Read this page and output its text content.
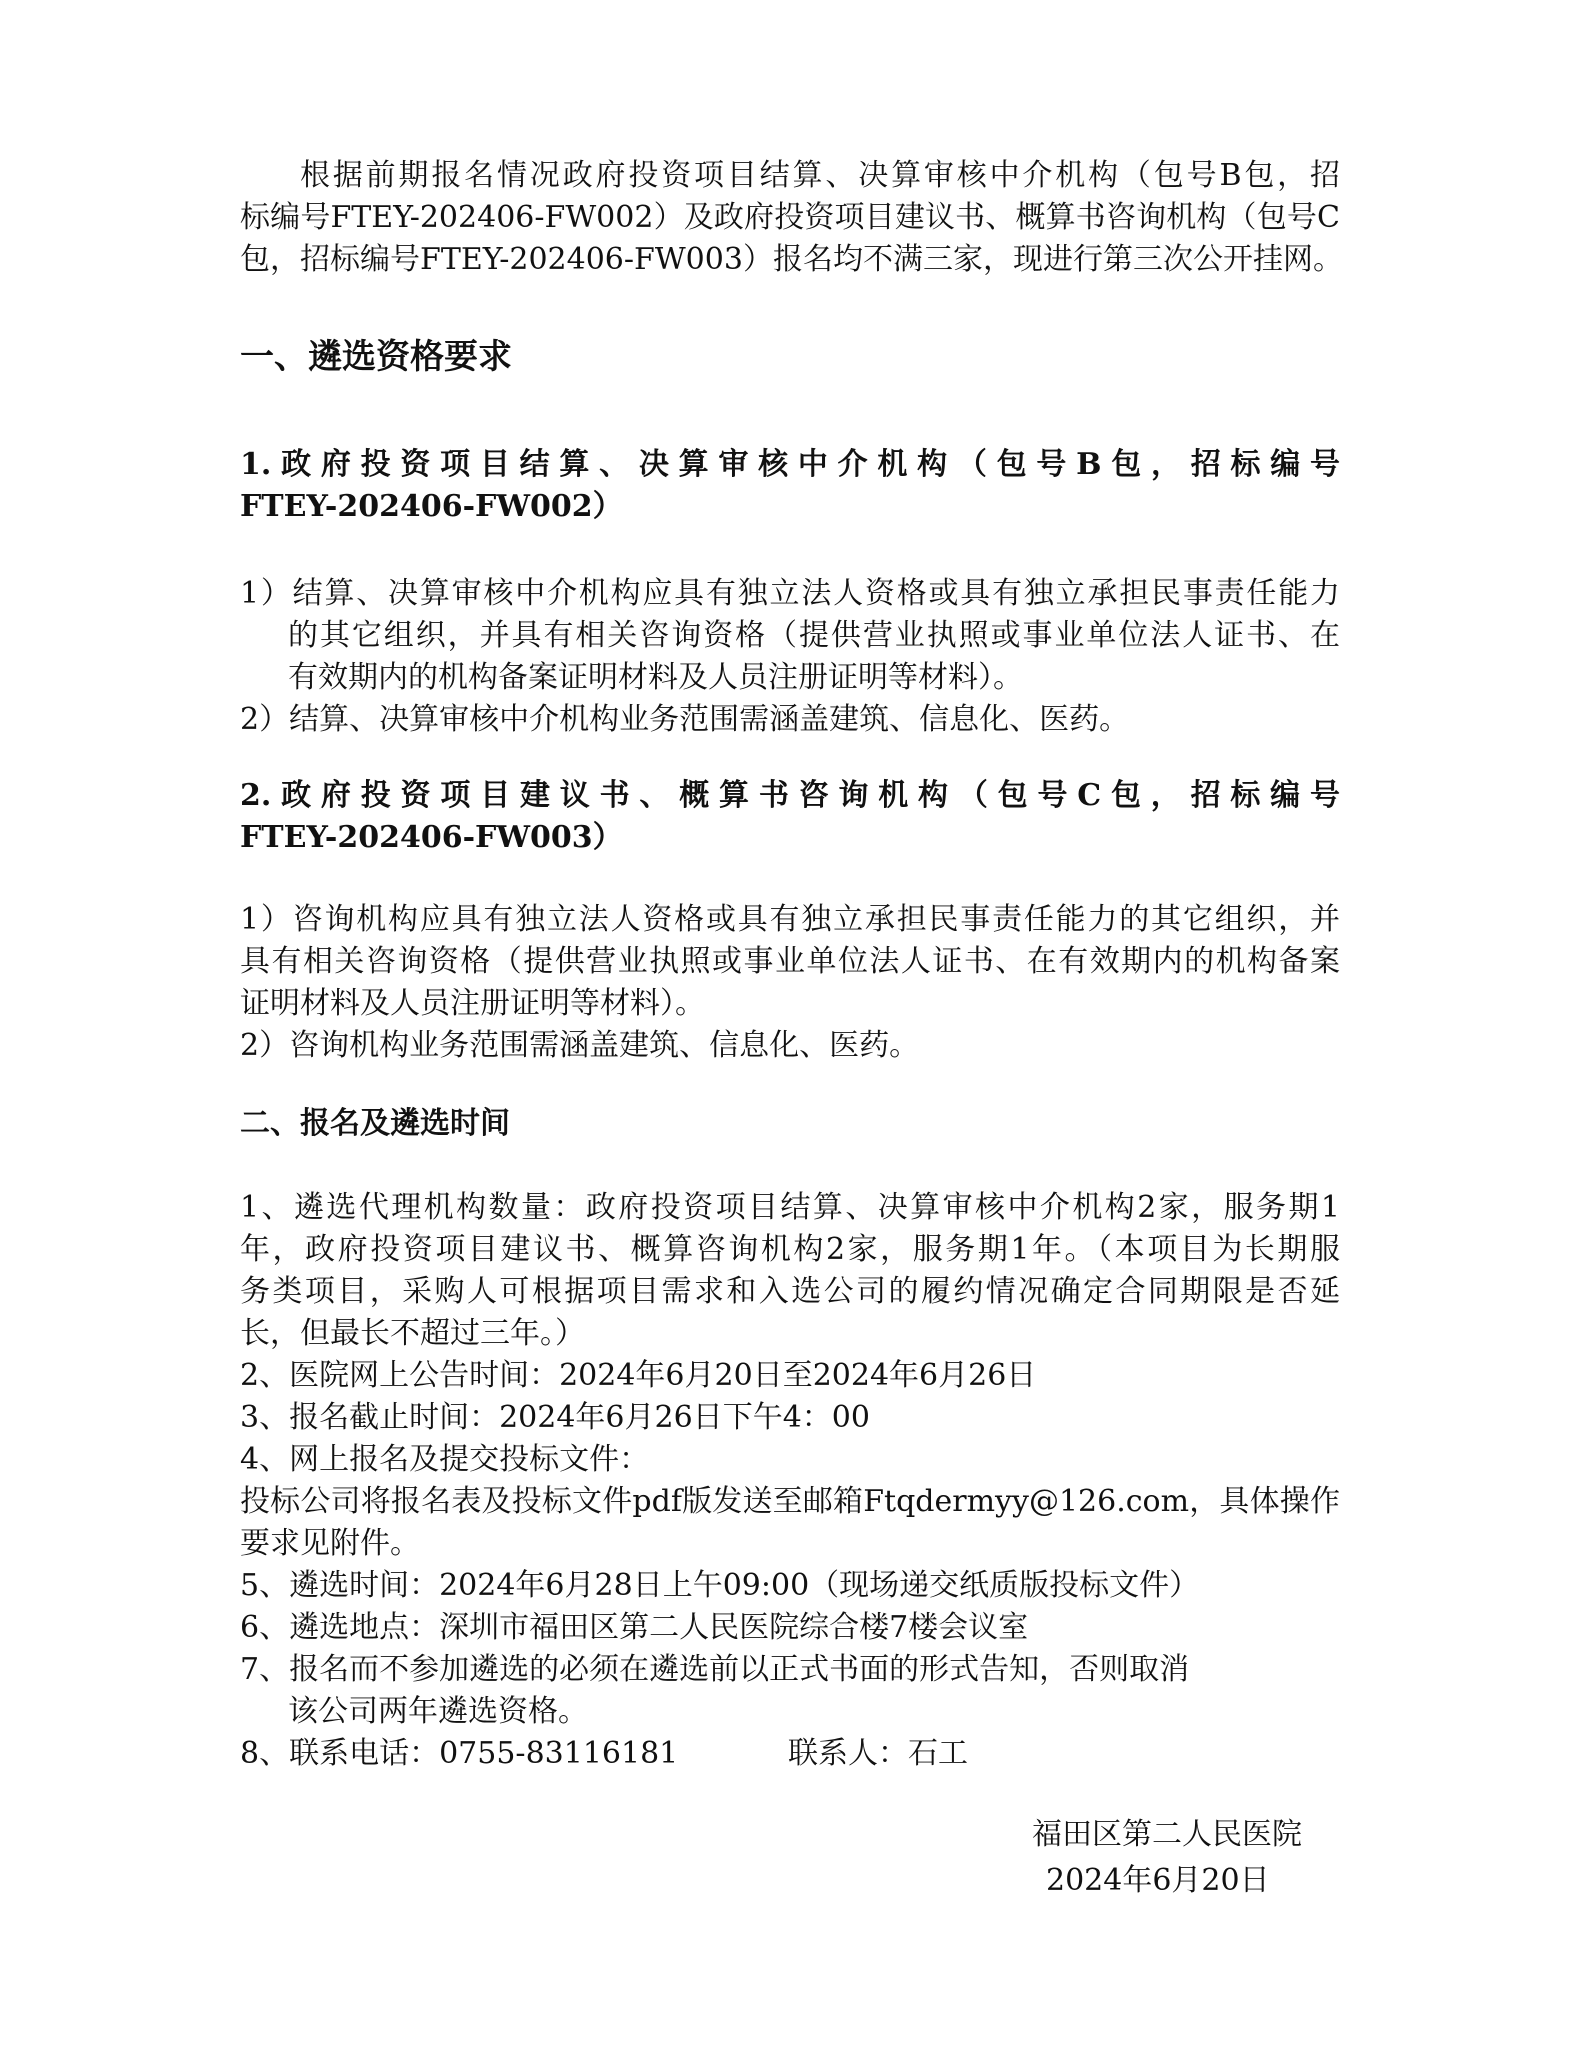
根据前期报名情况政府投资项目结算、决算审核中介机构（包号B包，招
标编号FTEY-202406-FW002）及政府投资项目建议书、概算书咨询机构（包号C
包，招标编号FTEY-202406-FW003）报名均不满三家，现进行第三次公开挂网。
一、遴选资格要求
1.政府投资项目结算、决算审核中介机构（包号B包，招标编号
FTEY-202406-FW002）
1）结算、决算审核中介机构应具有独立法人资格或具有独立承担民事责任能力
的其它组织，并具有相关咨询资格（提供营业执照或事业单位法人证书、在
有效期内的机构备案证明材料及人员注册证明等材料）。
2）结算、决算审核中介机构业务范围需涵盖建筑、信息化、医药。
2.政府投资项目建议书、概算书咨询机构（包号C包，招标编号
FTEY-202406-FW003）
1）咨询机构应具有独立法人资格或具有独立承担民事责任能力的其它组织，并
具有相关咨询资格（提供营业执照或事业单位法人证书、在有效期内的机构备案
证明材料及人员注册证明等材料）。
2）咨询机构业务范围需涵盖建筑、信息化、医药。
二、报名及遴选时间
1、遴选代理机构数量：政府投资项目结算、决算审核中介机构2家，服务期1
年，政府投资项目建议书、概算咨询机构2家，服务期1年。（本项目为长期服
务类项目，采购人可根据项目需求和入选公司的履约情况确定合同期限是否延
长，但最长不超过三年。）
2、医院网上公告时间：2024年6月20日至2024年6月26日
3、报名截止时间：2024年6月26日下午4：00
4、网上报名及提交投标文件：
投标公司将报名表及投标文件pdf版发送至邮箱Ftqdermyy@126.com，具体操作
要求见附件。
5、遴选时间：2024年6月28日上午09:00（现场递交纸质版投标文件）
6、遴选地点：深圳市福田区第二人民医院综合楼7楼会议室
7、报名而不参加遴选的必须在遴选前以正式书面的形式告知，否则取消
该公司两年遴选资格。
8、联系电话：0755-83116181	联系人：石工
福田区第二人民医院
2024年6月20日
